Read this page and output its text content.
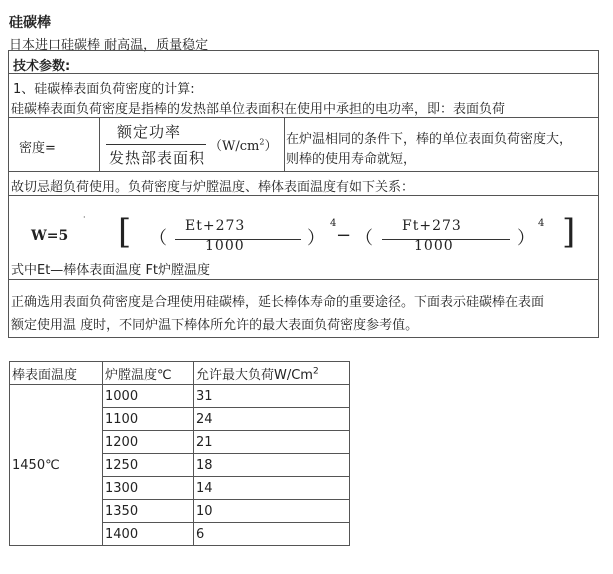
硅碳棒
日本进口硅碳棒 耐高温，质量稳定
技术参数:
1、硅碳棒表面负荷密度的计算:
硅碳棒表面负荷密度是指棒的发热部单位表面积在使用中承担的电功率，即：表面负荷
密度=
额定功率
发热部表面积
$(W/cm^2)$ 在炉温相同的条件下，棒的单位表面负荷密度大，
则棒的使用寿命就短，
故切忌超负荷使用。负荷密度与炉膛温度、棒体表面温度有如下关系：
W=5
· [ （
Et+273
1000	）
4
− （
Ft+273
1000	）
4 ]
式中Et—棒体表面温度 Ft炉膛温度
正确选用表面负荷密度是合理使用硅碳棒，延长棒体寿命的重要途径。下面表示硅碳棒在表面
额定使用温 度时，不同炉温下棒体所允许的最大表面负荷密度参考值。
棒表面温度	炉膛温度℃	允许最大负荷W/Cm$^2$
1450℃	1000	31
	1100	24
	1200	21
	1250	18
	1300	14
	1350	10
	1400	6
